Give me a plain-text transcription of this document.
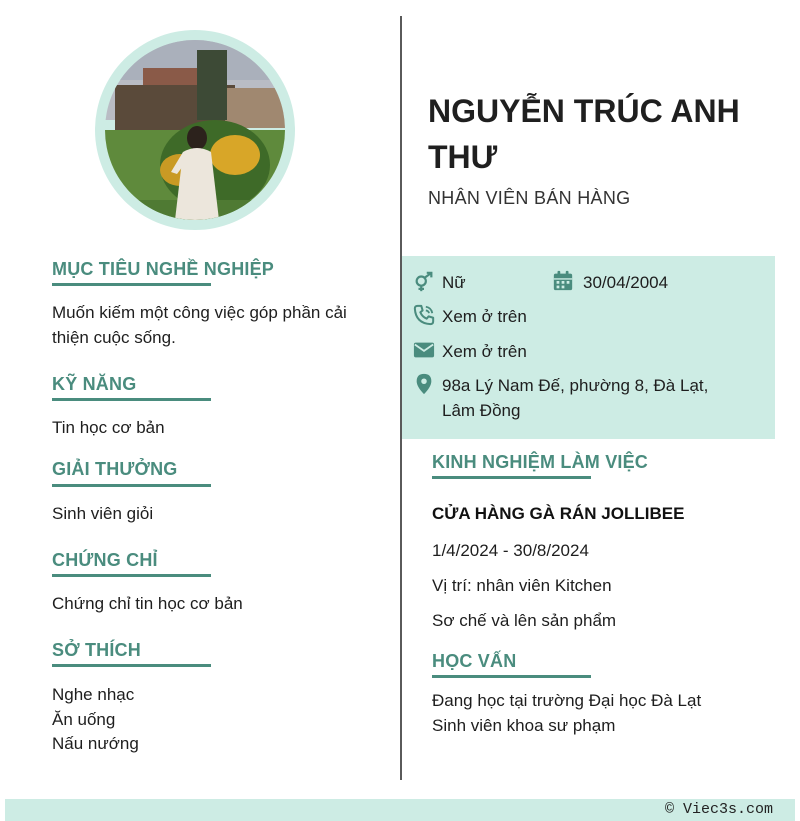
MỤC TIÊU NGHỀ NGHIỆP
Muốn kiếm một công việc góp phần cải thiện cuộc sống.
KỸ NĂNG
Tin học cơ bản
GIẢI THƯỞNG
Sinh viên giỏi
CHỨNG CHỈ
Chứng chỉ tin học cơ bản
SỞ THÍCH
Nghe nhạc
Ăn uống
Nấu nướng
NGUYỄN TRÚC ANH THƯ
NHÂN VIÊN BÁN HÀNG
Nữ	30/04/2004
Xem ở trên
Xem ở trên
98a Lý Nam Đế, phường 8, Đà Lạt, Lâm Đồng
KINH NGHIỆM LÀM VIỆC
CỬA HÀNG GÀ RÁN JOLLIBEE
1/4/2024 - 30/8/2024
Vị trí: nhân viên Kitchen
Sơ chế và lên sản phẩm
HỌC VẤN
Đang học tại trường Đại học Đà Lạt
Sinh viên khoa sư phạm
© Viec3s.com
